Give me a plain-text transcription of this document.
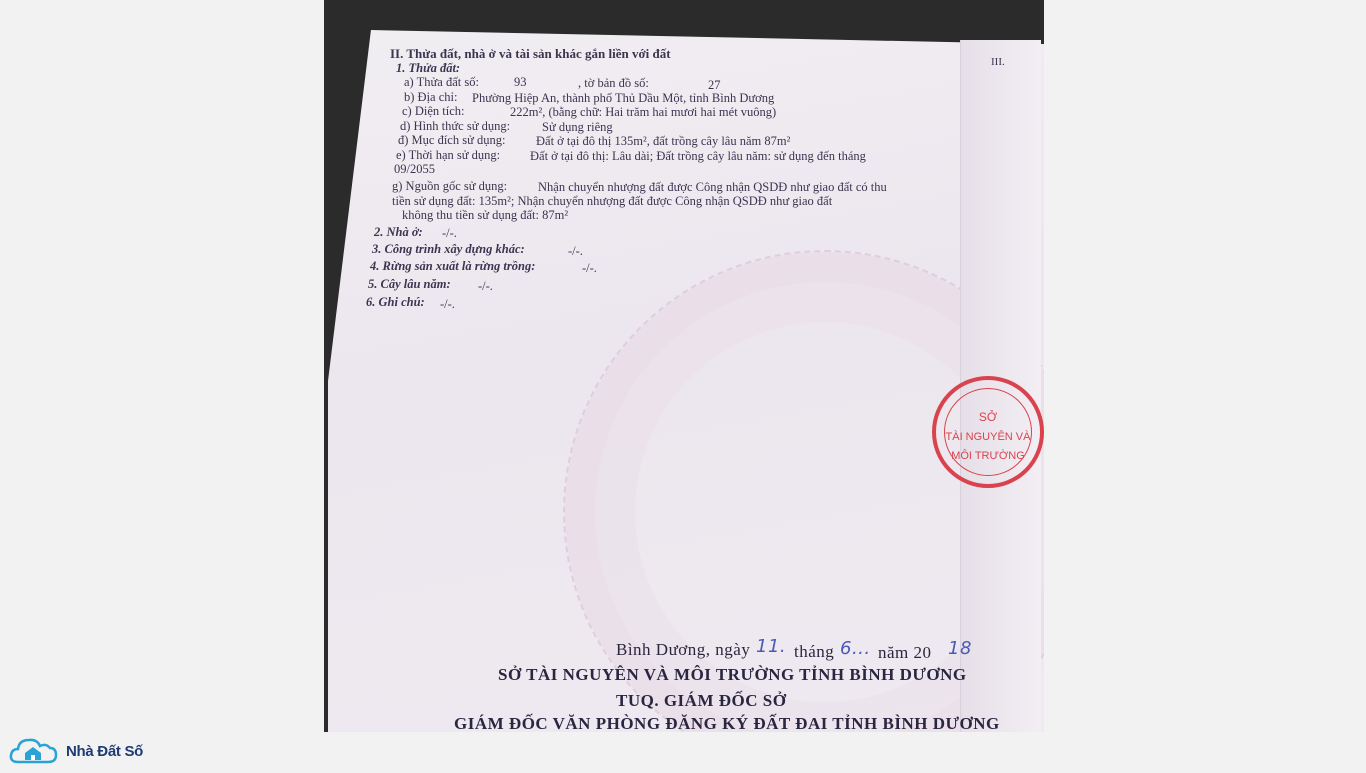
III.
II. Thửa đất, nhà ở và tài sản khác gắn liền với đất
1. Thửa đất:
a) Thửa đất số:	93	, tờ bản đồ số:	27
b) Địa chỉ: Phường Hiệp An, thành phố Thủ Dầu Một, tỉnh Bình Dương
c) Diện tích:	222m², (bằng chữ: Hai trăm hai mươi hai mét vuông)
d) Hình thức sử dụng:	Sử dụng riêng
đ) Mục đích sử dụng: Đất ở tại đô thị 135m², đất trồng cây lâu năm 87m²
e) Thời hạn sử dụng: Đất ở tại đô thị: Lâu dài; Đất trồng cây lâu năm: sử dụng đến tháng
09/2055
g) Nguồn gốc sử dụng: Nhận chuyển nhượng đất được Công nhận QSDĐ như giao đất có thu
tiền sử dụng đất: 135m²; Nhận chuyển nhượng đất được Công nhận QSDĐ như giao đất
không thu tiền sử dụng đất: 87m²
2. Nhà ở: -/-.
3. Công trình xây dựng khác:	-/-.
4. Rừng sản xuất là rừng trồng:	-/-.
5. Cây lâu năm: -/-.
6. Ghi chú: -/-.
SỞ
TÀI NGUYÊN VÀ
MÔI TRƯỜNG
Bình Dương, ngày 11. tháng 6... năm 20 18
SỞ TÀI NGUYÊN VÀ MÔI TRƯỜNG TỈNH BÌNH DƯƠNG
TUQ. GIÁM ĐỐC SỞ
GIÁM ĐỐC VĂN PHÒNG ĐĂNG KÝ ĐẤT ĐAI TỈNH BÌNH DƯƠNG
Nhà Đất Số
